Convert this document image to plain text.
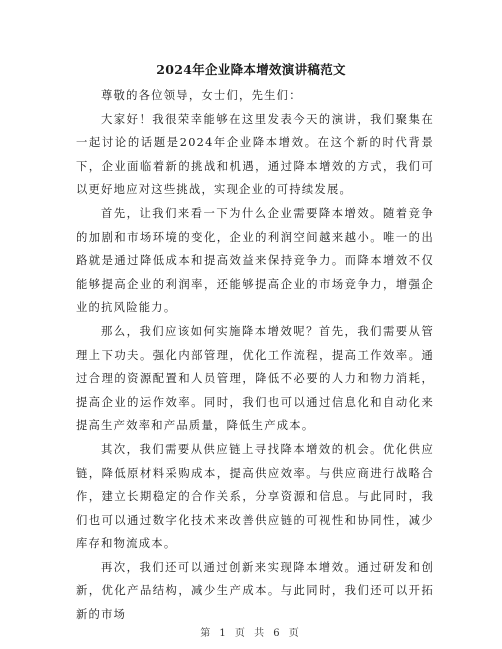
2024年企业降本增效演讲稿范文

尊敬的各位领导，女士们，先生们：

大家好！我很荣幸能够在这里发表今天的演讲，我们聚集在一起讨论的话题是2024年企业降本增效。在这个新的时代背景下，企业面临着新的挑战和机遇，通过降本增效的方式，我们可以更好地应对这些挑战，实现企业的可持续发展。

首先，让我们来看一下为什么企业需要降本增效。随着竞争的加剧和市场环境的变化，企业的利润空间越来越小。唯一的出路就是通过降低成本和提高效益来保持竞争力。而降本增效不仅能够提高企业的利润率，还能够提高企业的市场竞争力，增强企业的抗风险能力。

那么，我们应该如何实施降本增效呢？首先，我们需要从管理上下功夫。强化内部管理，优化工作流程，提高工作效率。通过合理的资源配置和人员管理，降低不必要的人力和物力消耗，提高企业的运作效率。同时，我们也可以通过信息化和自动化来提高生产效率和产品质量，降低生产成本。

其次，我们需要从供应链上寻找降本增效的机会。优化供应链，降低原材料采购成本，提高供应效率。与供应商进行战略合作，建立长期稳定的合作关系，分享资源和信息。与此同时，我们也可以通过数字化技术来改善供应链的可视性和协同性，减少库存和物流成本。

再次，我们还可以通过创新来实现降本增效。通过研发和创新，优化产品结构，减少生产成本。与此同时，我们还可以开拓新的市场

第 1 页 共 6 页
